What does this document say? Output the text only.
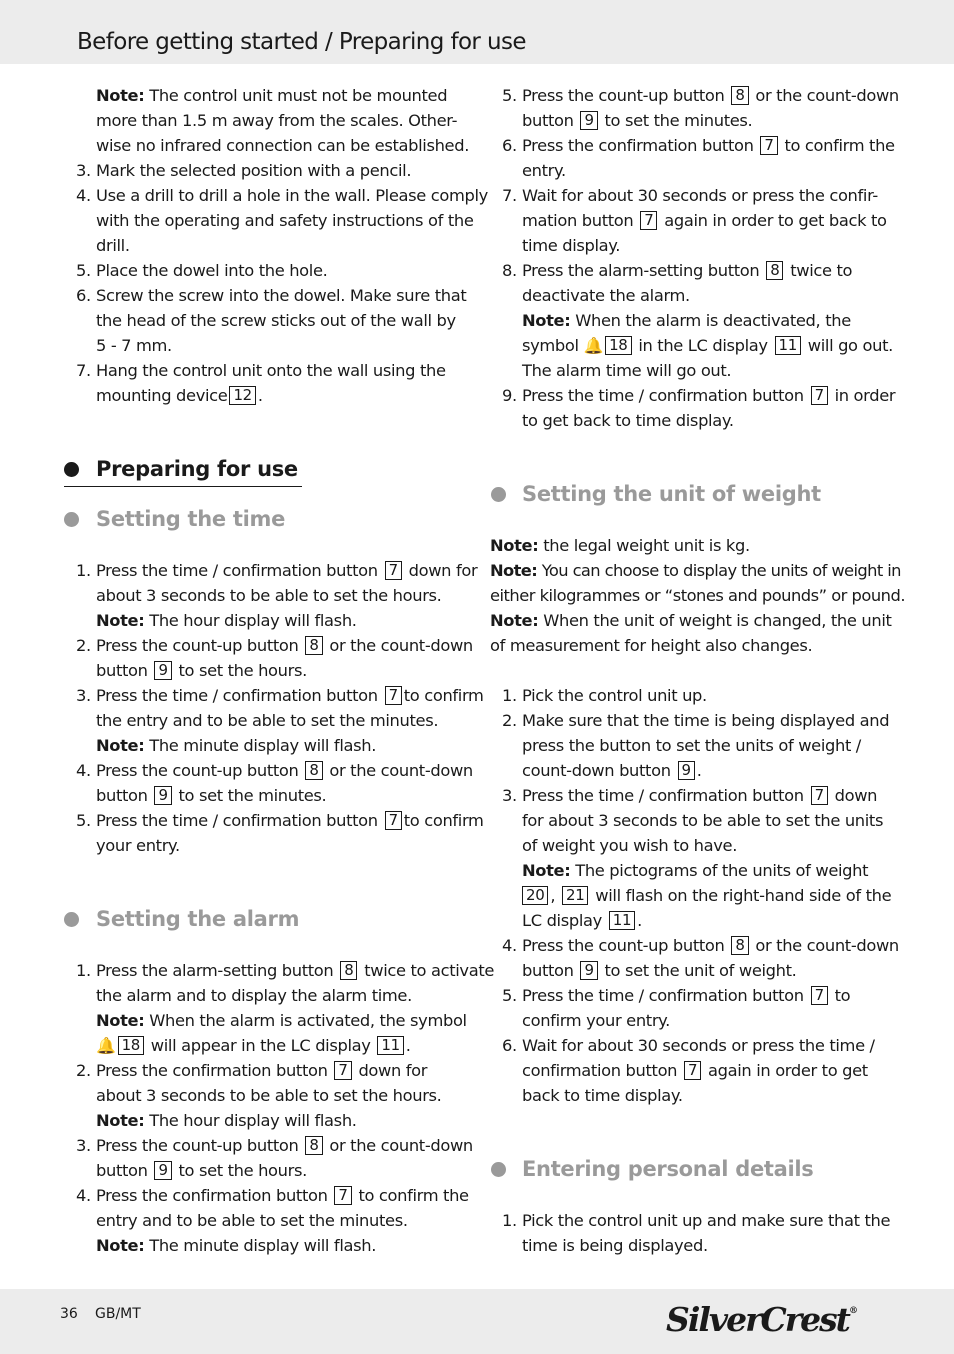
Before getting started / Preparing for use
Note: The control unit must not be mounted
more than 1.5 m away from the scales. Other-
wise no infrared connection can be established.
3. Mark the selected position with a pencil.
4. Use a drill to drill a hole in the wall. Please comply
with the operating and safety instructions of the
drill.
5. Place the dowel into the hole.
6. Screw the screw into the dowel. Make sure that
the head of the screw sticks out of the wall by
5 - 7 mm.
7. Hang the control unit onto the wall using the
mounting device 12 .
Preparing for use
Setting the time
1. Press the time / confirmation button 7 down for
about 3 seconds to be able to set the hours.
Note: The hour display will flash.
2. Press the count-up button 8 or the count-down
button 9 to set the hours.
3. Press the time / confirmation button 7 to confirm
the entry and to be able to set the minutes.
Note: The minute display will flash.
4. Press the count-up button 8 or the count-down
button 9 to set the minutes.
5. Press the time / confirmation button 7 to confirm
your entry.
Setting the alarm
1. Press the alarm-setting button 8 twice to activate
the alarm and to display the alarm time.
Note: When the alarm is activated, the symbol
🔔 18 will appear in the LC display 11 .
2. Press the confirmation button 7 down for
about 3 seconds to be able to set the hours.
Note: The hour display will flash.
3. Press the count-up button 8 or the count-down
button 9 to set the hours.
4. Press the confirmation button 7 to confirm the
entry and to be able to set the minutes.
Note: The minute display will flash.
5. Press the count-up button 8 or the count-down
button 9 to set the minutes.
6. Press the confirmation button 7 to confirm the
entry.
7. Wait for about 30 seconds or press the confir-
mation button 7 again in order to get back to
time display.
8. Press the alarm-setting button 8 twice to
deactivate the alarm.
Note: When the alarm is deactivated, the
symbol 🔔 18 in the LC display 11 will go out.
The alarm time will go out.
9. Press the time / confirmation button 7 in order
to get back to time display.
Setting the unit of weight
Note: the legal weight unit is kg.
Note: You can choose to display the units of weight in
either kilogrammes or “stones and pounds” or pound.
Note: When the unit of weight is changed, the unit
of measurement for height also changes.
1. Pick the control unit up.
2. Make sure that the time is being displayed and
press the button to set the units of weight /
count-down button 9 .
3. Press the time / confirmation button 7 down
for about 3 seconds to be able to set the units
of weight you wish to have.
Note: The pictograms of the units of weight
20 , 21 will flash on the right-hand side of the
LC display 11 .
4. Press the count-up button 8 or the count-down
button 9 to set the unit of weight.
5. Press the time / confirmation button 7 to
confirm your entry.
6. Wait for about 30 seconds or press the time /
confirmation button 7 again in order to get
back to time display.
Entering personal details
1. Pick the control unit up and make sure that the
time is being displayed.
36 GB/MT	SilverCrest®
